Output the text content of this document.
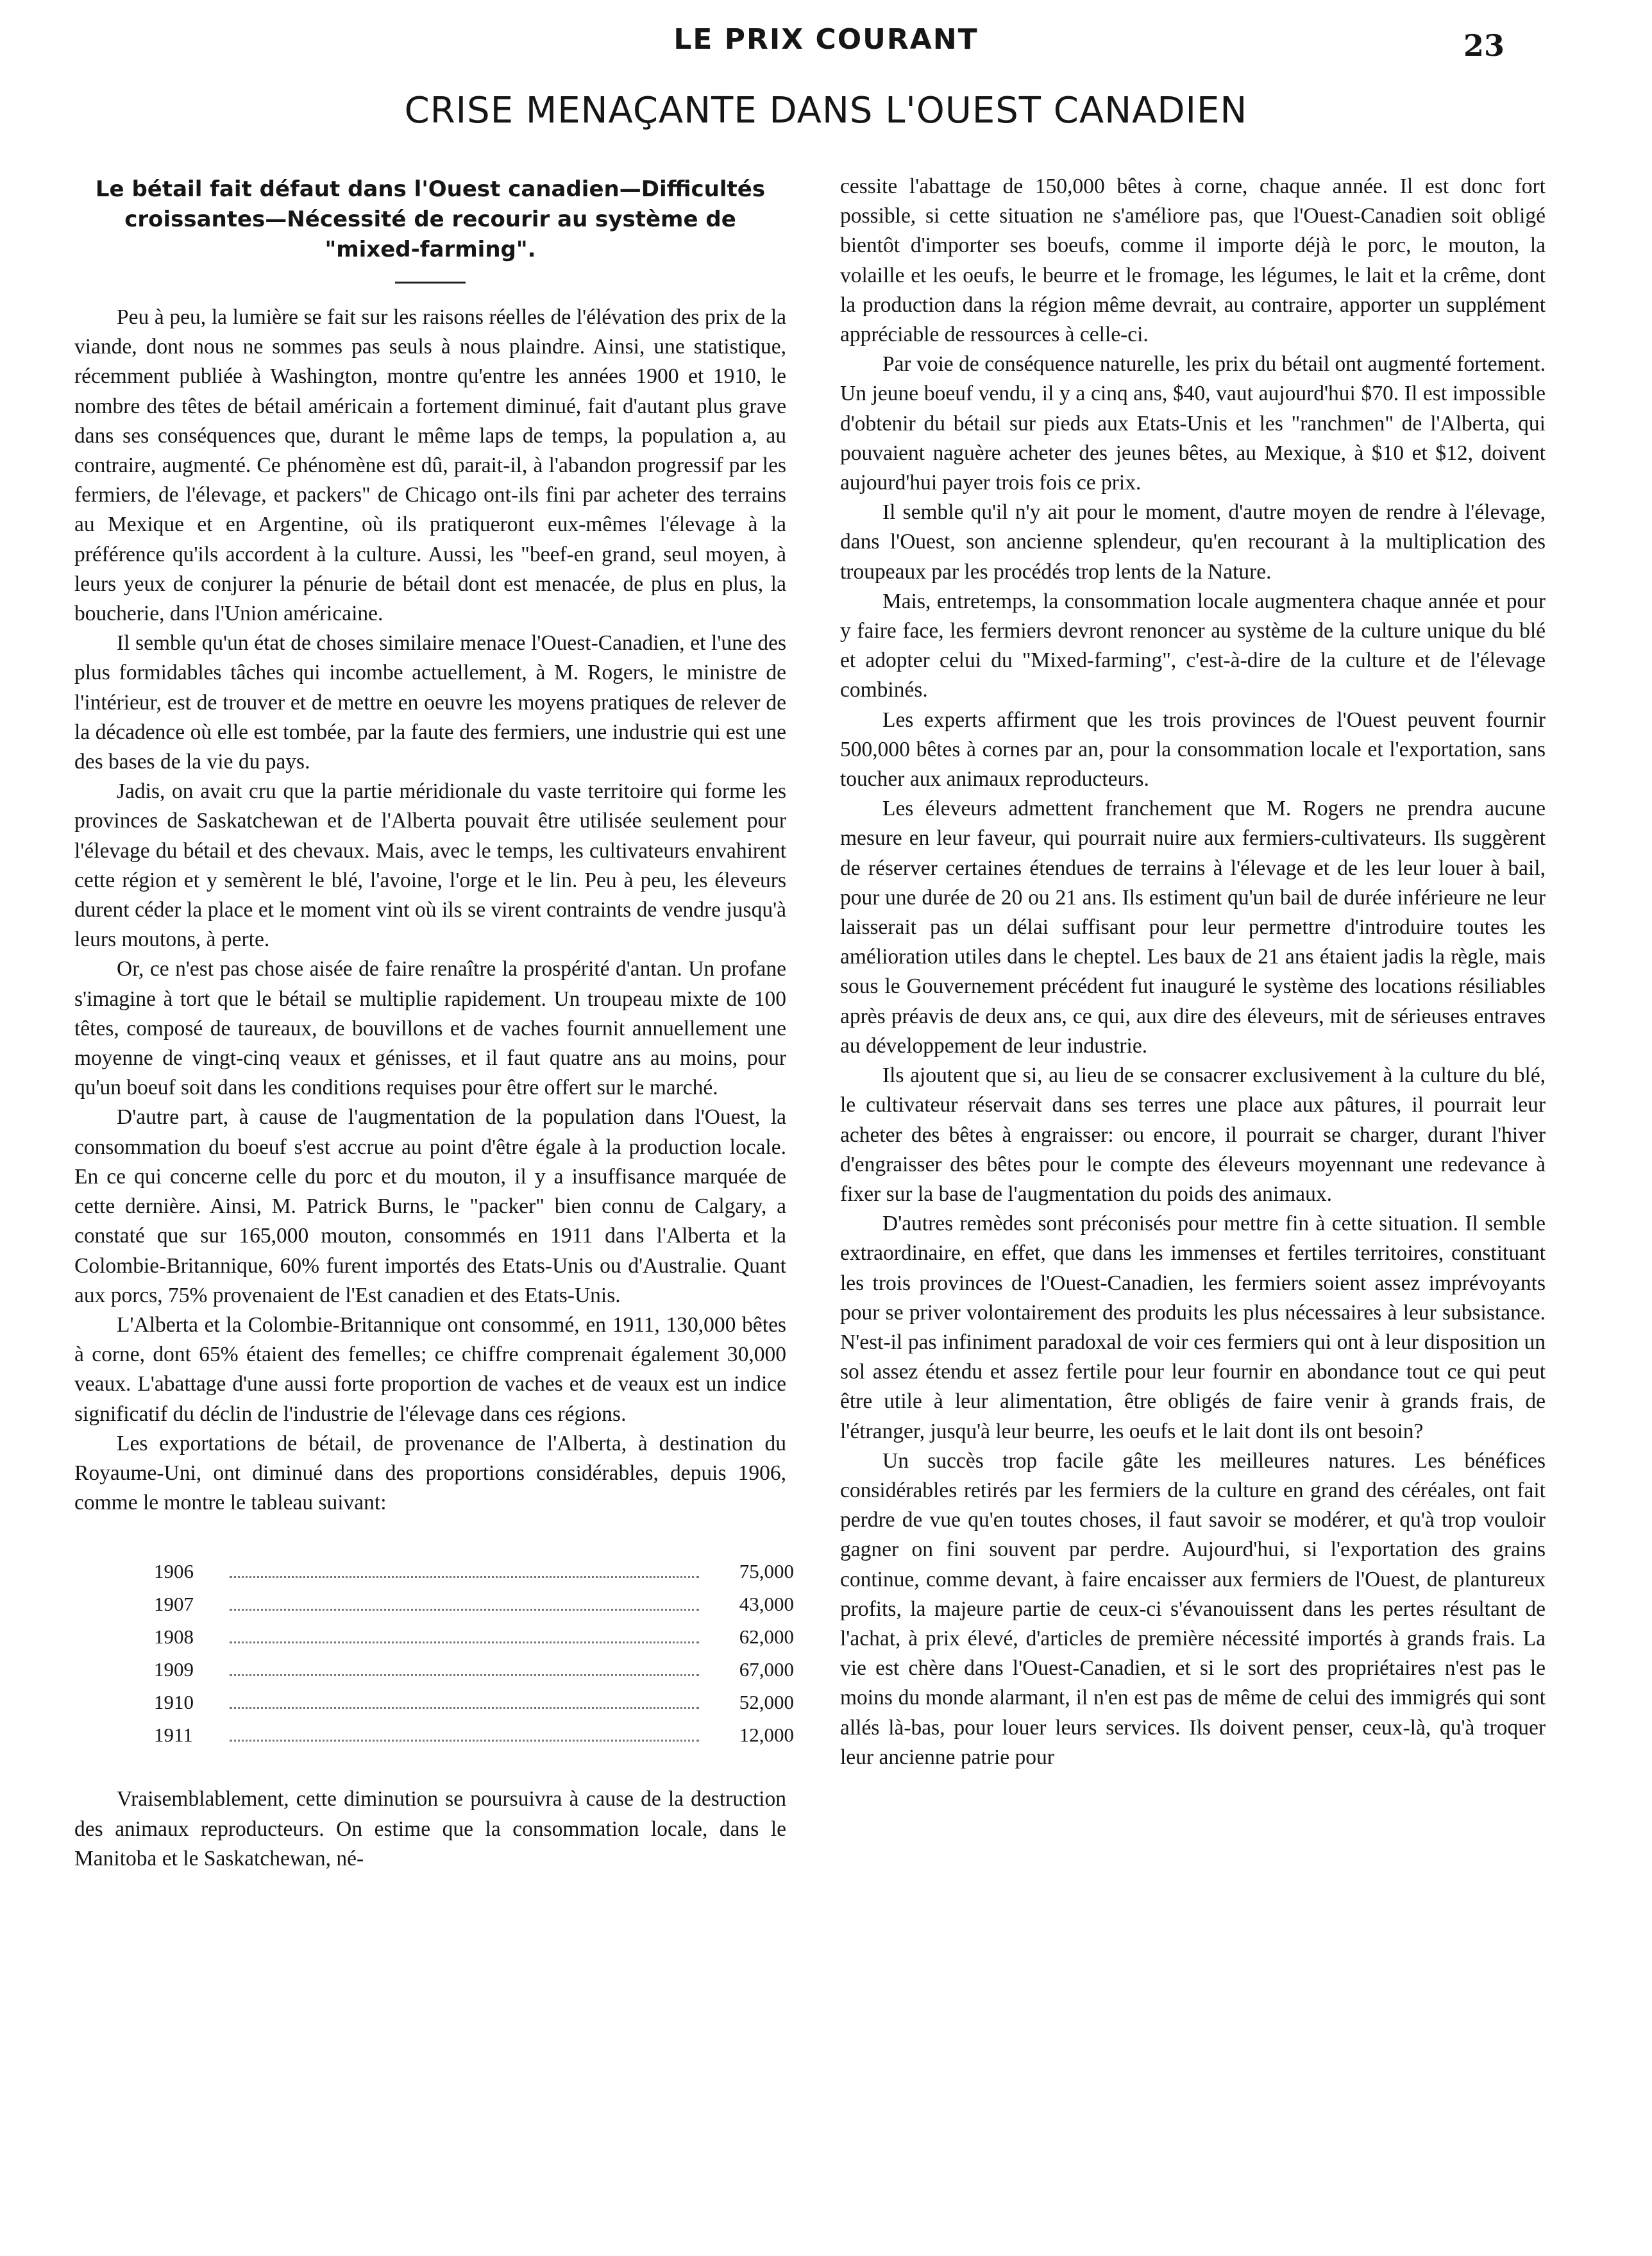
LE PRIX COURANT	23
CRISE MENAÇANTE DANS L'OUEST CANADIEN
Le bétail fait défaut dans l'Ouest canadien—Difficultés croissantes—Nécessité de recourir au système de "mixed-farming".

Peu à peu, la lumière se fait sur les raisons réelles de l'élévation des prix de la viande, dont nous ne sommes pas seuls à nous plaindre. Ainsi, une statistique, récemment publiée à Washington, montre qu'entre les années 1900 et 1910, le nombre des têtes de bétail américain a fortement diminué, fait d'autant plus grave dans ses conséquences que, durant le même laps de temps, la population a, au contraire, augmenté. Ce phénomène est dû, parait-il, à l'abandon progressif par les fermiers, de l'élevage, et packers" de Chicago ont-ils fini par acheter des terrains au Mexique et en Argentine, où ils pratiqueront eux-mêmes l'élevage à la préférence qu'ils accordent à la culture. Aussi, les "beef-en grand, seul moyen, à leurs yeux de conjurer la pénurie de bétail dont est menacée, de plus en plus, la boucherie, dans l'Union américaine.

Il semble qu'un état de choses similaire menace l'Ouest-Canadien, et l'une des plus formidables tâches qui incombe actuellement, à M. Rogers, le ministre de l'intérieur, est de trouver et de mettre en oeuvre les moyens pratiques de relever de la décadence où elle est tombée, par la faute des fermiers, une industrie qui est une des bases de la vie du pays.

Jadis, on avait cru que la partie méridionale du vaste territoire qui forme les provinces de Saskatchewan et de l'Alberta pouvait être utilisée seulement pour l'élevage du bétail et des chevaux. Mais, avec le temps, les cultivateurs envahirent cette région et y semèrent le blé, l'avoine, l'orge et le lin. Peu à peu, les éleveurs durent céder la place et le moment vint où ils se virent contraints de vendre jusqu'à leurs moutons, à perte.

Or, ce n'est pas chose aisée de faire renaître la prospérité d'antan. Un profane s'imagine à tort que le bétail se multiplie rapidement. Un troupeau mixte de 100 têtes, composé de taureaux, de bouvillons et de vaches fournit annuellement une moyenne de vingt-cinq veaux et génisses, et il faut quatre ans au moins, pour qu'un boeuf soit dans les conditions requises pour être offert sur le marché.

D'autre part, à cause de l'augmentation de la population dans l'Ouest, la consommation du boeuf s'est accrue au point d'être égale à la production locale. En ce qui concerne celle du porc et du mouton, il y a insuffisance marquée de cette dernière. Ainsi, M. Patrick Burns, le "packer" bien connu de Calgary, a constaté que sur 165,000 mouton, consommés en 1911 dans l'Alberta et la Colombie-Britannique, 60% furent importés des Etats-Unis ou d'Australie. Quant aux porcs, 75% provenaient de l'Est canadien et des Etats-Unis.

L'Alberta et la Colombie-Britannique ont consommé, en 1911, 130,000 bêtes à corne, dont 65% étaient des femelles; ce chiffre comprenait également 30,000 veaux. L'abattage d'une aussi forte proportion de vaches et de veaux est un indice significatif du déclin de l'industrie de l'élevage dans ces régions.

Les exportations de bétail, de provenance de l'Alberta, à destination du Royaume-Uni, ont diminué dans des proportions considérables, depuis 1906, comme le montre le tableau suivant:

1906	75,000
1907	43,000
1908	62,000
1909	67,000
1910	52,000
1911	12,000

Vraisemblablement, cette diminution se poursuivra à cause de la destruction des animaux reproducteurs. On estime que la consommation locale, dans le Manitoba et le Saskatchewan, né-

cessite l'abattage de 150,000 bêtes à corne, chaque année. Il est donc fort possible, si cette situation ne s'améliore pas, que l'Ouest-Canadien soit obligé bientôt d'importer ses boeufs, comme il importe déjà le porc, le mouton, la volaille et les oeufs, le beurre et le fromage, les légumes, le lait et la crême, dont la production dans la région même devrait, au contraire, apporter un supplément appréciable de ressources à celle-ci.

Par voie de conséquence naturelle, les prix du bétail ont augmenté fortement. Un jeune boeuf vendu, il y a cinq ans, $40, vaut aujourd'hui $70. Il est impossible d'obtenir du bétail sur pieds aux Etats-Unis et les "ranchmen" de l'Alberta, qui pouvaient naguère acheter des jeunes bêtes, au Mexique, à $10 et $12, doivent aujourd'hui payer trois fois ce prix.

Il semble qu'il n'y ait pour le moment, d'autre moyen de rendre à l'élevage, dans l'Ouest, son ancienne splendeur, qu'en recourant à la multiplication des troupeaux par les procédés trop lents de la Nature.

Mais, entretemps, la consommation locale augmentera chaque année et pour y faire face, les fermiers devront renoncer au système de la culture unique du blé et adopter celui du "Mixed-farming", c'est-à-dire de la culture et de l'élevage combinés.

Les experts affirment que les trois provinces de l'Ouest peuvent fournir 500,000 bêtes à cornes par an, pour la consommation locale et l'exportation, sans toucher aux animaux reproducteurs.

Les éleveurs admettent franchement que M. Rogers ne prendra aucune mesure en leur faveur, qui pourrait nuire aux fermiers-cultivateurs. Ils suggèrent de réserver certaines étendues de terrains à l'élevage et de les leur louer à bail, pour une durée de 20 ou 21 ans. Ils estiment qu'un bail de durée inférieure ne leur laisserait pas un délai suffisant pour leur permettre d'introduire toutes les amélioration utiles dans le cheptel. Les baux de 21 ans étaient jadis la règle, mais sous le Gouvernement précédent fut inauguré le système des locations résiliables après préavis de deux ans, ce qui, aux dire des éleveurs, mit de sérieuses entraves au développement de leur industrie.

Ils ajoutent que si, au lieu de se consacrer exclusivement à la culture du blé, le cultivateur réservait dans ses terres une place aux pâtures, il pourrait leur acheter des bêtes à engraisser: ou encore, il pourrait se charger, durant l'hiver d'engraisser des bêtes pour le compte des éleveurs moyennant une redevance à fixer sur la base de l'augmentation du poids des animaux.

D'autres remèdes sont préconisés pour mettre fin à cette situation. Il semble extraordinaire, en effet, que dans les immenses et fertiles territoires, constituant les trois provinces de l'Ouest-Canadien, les fermiers soient assez imprévoyants pour se priver volontairement des produits les plus nécessaires à leur subsistance. N'est-il pas infiniment paradoxal de voir ces fermiers qui ont à leur disposition un sol assez étendu et assez fertile pour leur fournir en abondance tout ce qui peut être utile à leur alimentation, être obligés de faire venir à grands frais, de l'étranger, jusqu'à leur beurre, les oeufs et le lait dont ils ont besoin?

Un succès trop facile gâte les meilleures natures. Les bénéfices considérables retirés par les fermiers de la culture en grand des céréales, ont fait perdre de vue qu'en toutes choses, il faut savoir se modérer, et qu'à trop vouloir gagner on fini souvent par perdre. Aujourd'hui, si l'exportation des grains continue, comme devant, à faire encaisser aux fermiers de l'Ouest, de plantureux profits, la majeure partie de ceux-ci s'évanouissent dans les pertes résultant de l'achat, à prix élevé, d'articles de première nécessité importés à grands frais. La vie est chère dans l'Ouest-Canadien, et si le sort des propriétaires n'est pas le moins du monde alarmant, il n'en est pas de même de celui des immigrés qui sont allés là-bas, pour louer leurs services. Ils doivent penser, ceux-là, qu'à troquer leur ancienne patrie pour
